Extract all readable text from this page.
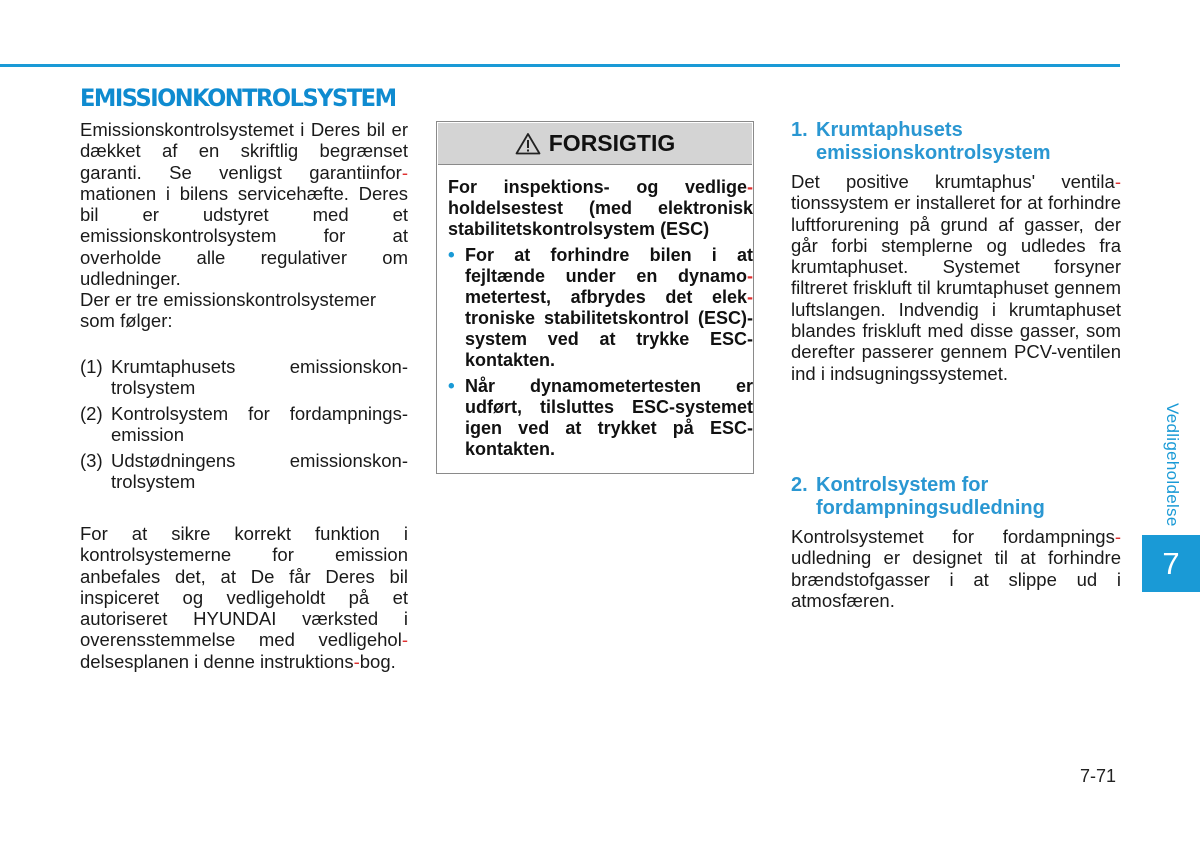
EMISSIONKONTROLSYSTEM

Emissionskontrolsystemet i Deres bil er dækket af en skriftlig begrænset garanti. Se venligst garantiinfor-mationen i bilens servicehæfte. Deres bil er udstyret med et emissionskontrolsystem for at overholde alle regulativer om udledninger.

Der er tre emissionskontrolsystemer som følger:

(1) Krumtaphusets emissionskon-trolsystem
(2) Kontrolsystem for fordampnings-emission
(3) Udstødningens emissionskon-trolsystem

For at sikre korrekt funktion i kontrolsystemerne for emission anbefales det, at De får Deres bil inspiceret og vedligeholdt på et autoriseret HYUNDAI værksted i overensstemmelse med vedligehol-delsesplanen i denne instruktions-bog.

FORSIGTIG

For inspektions- og vedlige-holdelsestest (med elektronisk stabilitetskontrolsystem (ESC)

• For at forhindre bilen i at fejltænde under en dynamo-metertest, afbrydes det elek-troniske stabilitetskontrol (ESC)-system ved at trykke ESC-kontakten.
• Når dynamometertesten er udført, tilsluttes ESC-systemet igen ved at trykket på ESC-kontakten.
1. Krumtaphusets
emissionskontrolsystem

Det positive krumtaphus' ventila-tionssystem er installeret for at forhindre luftforurening på grund af gasser, der går forbi stemplerne og udledes fra krumtaphuset. Systemet forsyner filtreret friskluft til krumtaphuset gennem luftslangen. Indvendig i krumtaphuset blandes friskluft med disse gasser, som derefter passerer gennem PCV-ventilen ind i indsugningssystemet.

2. Kontrolsystem for
fordampningsudledning

Kontrolsystemet for fordampnings-udledning er designet til at forhindre brændstofgasser i at slippe ud i atmosfæren.

Vedligeholdelse
7
7-71
